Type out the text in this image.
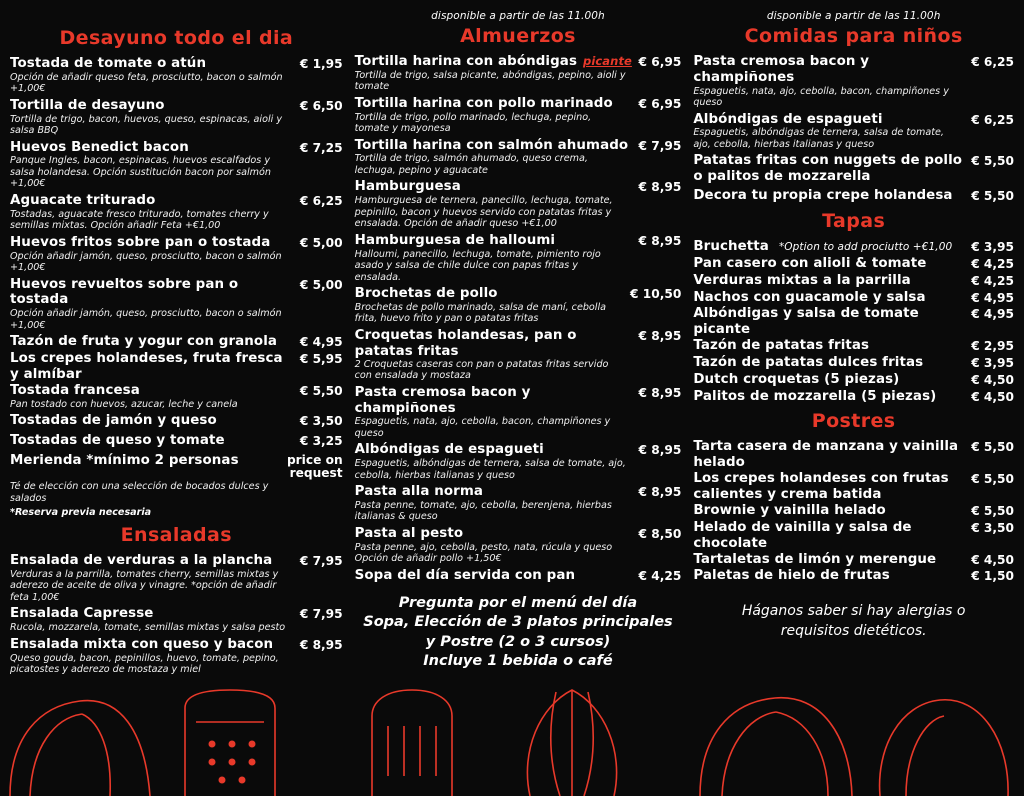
Desayuno todo el dia
Tostada de tomate o atún	€ 1,95
Opción de añadir queso feta, prosciutto, bacon o salmón +1,00€
Tortilla de desayuno	€ 6,50
Tortilla de trigo, bacon, huevos, queso, espinacas, aioli y salsa BBQ
Huevos Benedict bacon	€ 7,25
Panque Ingles, bacon, espinacas, huevos escalfados y salsa holandesa. Opción sustitución bacon por salmón +1,00€
Aguacate triturado	€ 6,25
Tostadas, aguacate fresco triturado, tomates cherry y semillas mixtas. Opción añadir Feta +€1,00
Huevos fritos sobre pan o tostada € 5,00
Opción añadir jamón, queso, prosciutto, bacon o salmón +1,00€
Huevos revueltos sobre pan o tostada
€ 5,00
Opción añadir jamón, queso, prosciutto, bacon o salmón +1,00€
Tazón de fruta y yogur con granola € 4,95
Los crepes holandeses, fruta fresca € 5,95
y almíbar
Tostada francesa	€ 5,50
Pan tostado con huevos, azucar, leche y canela
Tostadas de jamón y queso	€ 3,50
Tostadas de queso y tomate	€ 3,25
Merienda *mínimo 2 personas	price on request
Té de elección con una selección de bocados dulces y salados
*Reserva previa necesaria
Ensaladas
Ensalada de verduras a la plancha € 7,95
Verduras a la parrilla, tomates cherry, semillas mixtas y aderezo de aceite de oliva y vinagre. *opción de añadir feta 1,00€
Ensalada Capresse	€ 7,95
Rucola, mozzarela, tomate, semillas mixtas y salsa pesto
Ensalada mixta con queso y bacon € 8,95
Queso gouda, bacon, pepinillos, huevo, tomate, pepino, picatostes y aderezo de mostaza y miel
disponible a partir de las 11.00h
Almuerzos
Tortilla harina con abóndigas picante € 6,95
Tortilla de trigo, salsa picante, abóndigas, pepino, aioli y tomate
Tortilla harina con pollo marinado € 6,95
Tortilla de trigo, pollo marinado, lechuga, pepino, tomate y mayonesa
Tortilla harina con salmón ahumado € 7,95
Tortilla de trigo, salmón ahumado, queso crema, lechuga, pepino y aguacate
Hamburguesa	€ 8,95
Hamburguesa de ternera, panecillo, lechuga, tomate, pepinillo, bacon y huevos servido con patatas fritas y ensalada. Opción de añadir queso +€1,00
Hamburguesa de halloumi	€ 8,95
Halloumi, panecillo, lechuga, tomate, pimiento rojo asado y salsa de chile dulce con papas fritas y ensalada.
Brochetas de pollo	€ 10,50
Brochetas de pollo marinado, salsa de maní, cebolla frita, huevo frito y pan o patatas fritas
Croquetas holandesas, pan o	€ 8,95
patatas fritas
2 Croquetas caseras con pan o patatas fritas servido con ensalada y mostaza
Pasta cremosa bacon y champiñones
€ 8,95
Espaguetis, nata, ajo, cebolla, bacon, champiñones y queso
Albóndigas de espagueti	€ 8,95
Espaguetis, albóndigas de ternera, salsa de tomate, ajo, cebolla, hierbas italianas y queso
Pasta alla norma	€ 8,95
Pasta penne, tomate, ajo, cebolla, berenjena, hierbas italianas & queso
Pasta al pesto	€ 8,50
Pasta penne, ajo, cebolla, pesto, nata, rúcula y queso Opción de añadir pollo +1,50€
Sopa del día servida con pan	€ 4,25
Pregunta por el menú del día
Sopa, Elección de 3 platos principales
y Postre (2 o 3 cursos)
Incluye 1 bebida o café
disponible a partir de las 11.00h
Comidas para niños
Pasta cremosa bacon y champiñones
€ 6,25
Espaguetis, nata, ajo, cebolla, bacon, champiñones y queso
Albóndigas de espagueti	€ 6,25
Espaguetis, albóndigas de ternera, salsa de tomate, ajo, cebolla, hierbas italianas y queso
Patatas fritas con nuggets de pollo € 5,50
o palitos de mozzarella
Decora tu propia crepe holandesa € 5,50
Tapas
Bruchetta *Option to add prociutto +€1,00 € 3,95
Pan casero con alioli & tomate	€ 4,25
Verduras mixtas a la parrilla	€ 4,25
Nachos con guacamole y salsa	€ 4,95
Albóndigas y salsa de tomate	€ 4,95
picante
Tazón de patatas fritas	€ 2,95
Tazón de patatas dulces fritas	€ 3,95
Dutch croquetas (5 piezas)	€ 4,50
Palitos de mozzarella (5 piezas)	€ 4,50
Postres
Tarta casera de manzana y vainilla € 5,50
helado
Los crepes holandeses con frutas € 5,50
calientes y crema batida
Brownie y vainilla helado	€ 5,50
Helado de vainilla y salsa de	€ 3,50
chocolate
Tartaletas de limón y merengue	€ 4,50
Paletas de hielo de frutas	€ 1,50
Háganos saber si hay alergias o
requisitos dietéticos.
